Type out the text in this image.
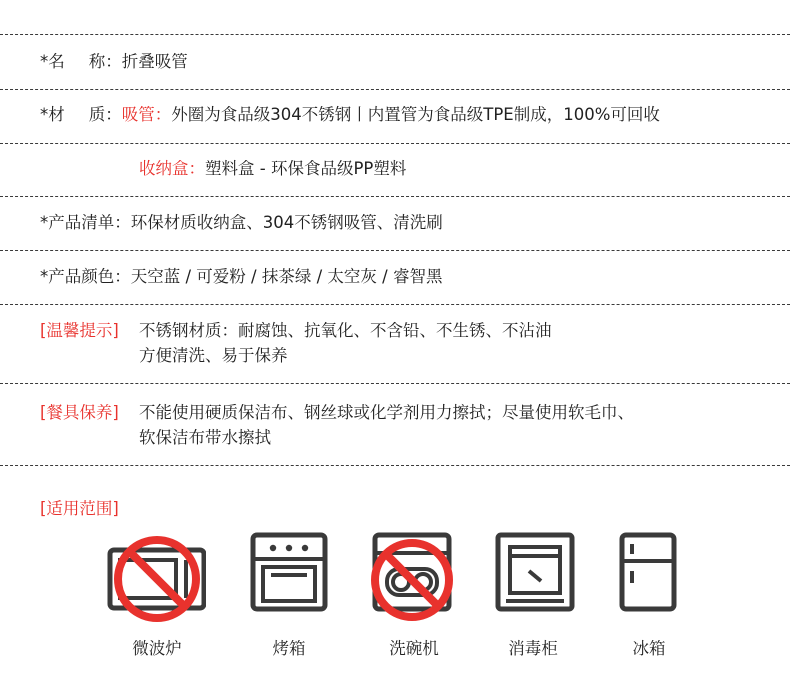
*名 称：折叠吸管
*材 质：吸管：外圈为食品级304不锈钢丨内置管为食品级TPE制成，100%可回收
收纳盒：塑料盒 - 环保食品级PP塑料
*产品清单：环保材质收纳盒、304不锈钢吸管、清洗刷
*产品颜色：天空蓝 / 可爱粉 / 抹茶绿 / 太空灰 / 睿智黑
[温馨提示] 不锈钢材质：耐腐蚀、抗氧化、不含铅、不生锈、不沾油
方便清洗、易于保养
[餐具保养] 不能使用硬质保洁布、钢丝球或化学剂用力擦拭；尽量使用软毛巾、
软保洁布带水擦拭
[适用范围]
微波炉	烤箱	洗碗机	消毒柜	冰箱
